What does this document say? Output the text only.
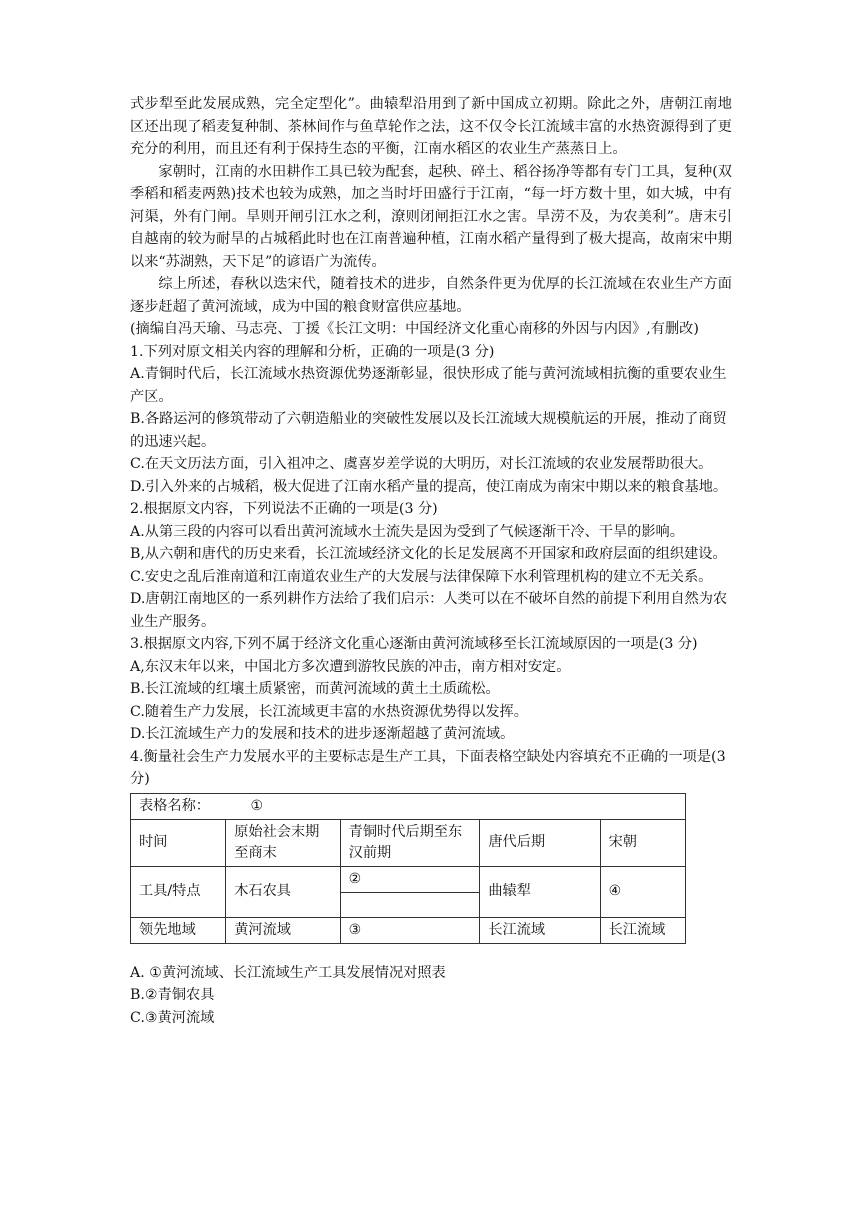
式步犁至此发展成熟，完全定型化”。曲辕犁沿用到了新中国成立初期。除此之外，唐朝江南地区还出现了稻麦复种制、茶林间作与鱼草轮作之法，这不仅令长江流域丰富的水热资源得到了更充分的利用，而且还有利于保持生态的平衡，江南水稻区的农业生产蒸蒸日上。

家朝时，江南的水田耕作工具已较为配套，起秧、碎土、稻谷扬净等都有专门工具，复种(双季稻和稻麦两熟)技术也较为成熟，加之当时圩田盛行于江南，“每一圩方数十里，如大城，中有河渠，外有门闸。旱则开闸引江水之利，潦则闭闸拒江水之害。旱涝不及，为农美利”。唐末引自越南的较为耐旱的占城稻此时也在江南普遍种植，江南水稻产量得到了极大提高，故南宋中期以来“苏湖熟，天下足”的谚语广为流传。

综上所述，春秋以迭宋代，随着技术的进步，自然条件更为优厚的长江流域在农业生产方面逐步赶超了黄河流域，成为中国的粮食财富供应基地。

(摘编自冯天瑜、马志亮、丁援《长江文明：中国经济文化重心南移的外因与内因》,有删改)

1.下列对原文相关内容的理解和分析，正确的一项是(3 分)

A.青铜时代后，长江流域水热资源优势逐渐彰显，很快形成了能与黄河流域相抗衡的重要农业生产区。

B.各路运河的修筑带动了六朝造船业的突破性发展以及长江流域大规模航运的开展，推动了商贸的迅速兴起。

C.在天文历法方面，引入祖冲之、虞喜岁差学说的大明历，对长江流域的农业发展帮助很大。

D.引入外来的占城稻，极大促进了江南水稻产量的提高，使江南成为南宋中期以来的粮食基地。

2.根据原文内容，下列说法不正确的一项是(3 分)

A.从第三段的内容可以看出黄河流域水土流失是因为受到了气候逐渐干冷、干旱的影响。

B,从六朝和唐代的历史来看，长江流域经济文化的长足发展离不开国家和政府层面的组织建设。

C.安史之乱后淮南道和江南道农业生产的大发展与法律保障下水利管理机构的建立不无关系。

D.唐朝江南地区的一系列耕作方法给了我们启示：人类可以在不破坏自然的前提下利用自然为农业生产服务。

3.根据原文内容,下列不属于经济文化重心逐渐由黄河流域移至长江流域原因的一项是(3 分)

A,东汉末年以来，中国北方多次遭到游牧民族的冲击，南方相对安定。

B.长江流域的红壤土质紧密，而黄河流域的黄土土质疏松。

C.随着生产力发展，长江流域更丰富的水热资源优势得以发挥。

D.长江流域生产力的发展和技术的进步逐渐超越了黄河流域。

4.衡量社会生产力发展水平的主要标志是生产工具，下面表格空缺处内容填充不正确的一项是(3 分)

表格名称： ①				
时间	原始社会末期至商末	青铜时代后期至东汉前期	唐代后期	宋朝
工具/特点	木石农具	②	曲辕犁	④

领先地域	黄河流域	③	长江流域	长江流域

A. ①黄河流域、长江流域生产工具发展情况对照表

B.②青铜农具

C.③黄河流域
